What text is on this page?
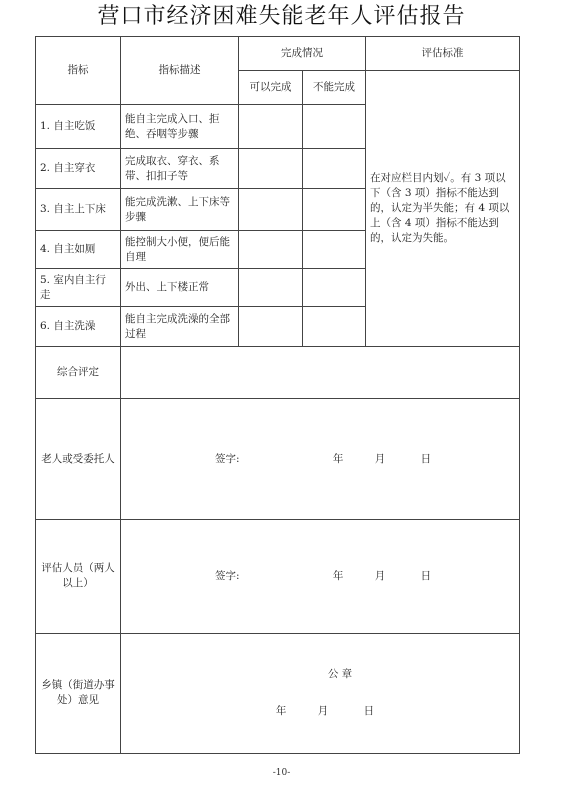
营口市经济困难失能老年人评估报告
指标	指标描述	完成情况		评估标准
		可以完成	不能完成	在对应栏目内划✓。有 3 项以下（含 3 项）指标不能达到的，认定为半失能；有 4 项以上（含 4 项）指标不能达到的，认定为失能。
1. 自主吃饭	能自主完成入口、拒绝、吞咽等步骤			
2. 自主穿衣	完成取衣、穿衣、系带、扣扣子等			
3. 自主上下床	能完成洗漱、上下床等步骤			
4. 自主如厕	能控制大小便，便后能自理			
5. 室内自主行走	外出、上下楼正常			
6. 自主洗澡	能自主完成洗澡的全部过程			
综合评定				
老人或受委托人	签字: 年 月 日			
评估人员（两人以上）	签字: 年 月 日			
乡镇（街道办事处）意见	公 章
年 月 日			
-10-
